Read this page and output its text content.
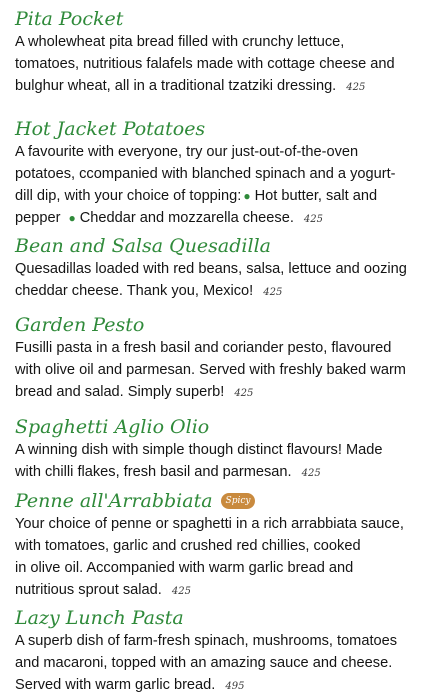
Pita Pocket
A wholewheat pita bread filled with crunchy lettuce,
tomatoes, nutritious falafels made with cottage cheese and
bulghur wheat, all in a traditional tzatziki dressing. 425
Hot Jacket Potatoes
A favourite with everyone, try our just-out-of-the-oven
potatoes, ccompanied with blanched spinach and a yogurt-
dill dip, with your choice of topping: ● Hot butter, salt and
pepper ● Cheddar and mozzarella cheese. 425
Bean and Salsa Quesadilla
Quesadillas loaded with red beans, salsa, lettuce and oozing
cheddar cheese. Thank you, Mexico! 425
Garden Pesto
Fusilli pasta in a fresh basil and coriander pesto, flavoured
with olive oil and parmesan. Served with freshly baked warm
bread and salad. Simply superb! 425
Spaghetti Aglio Olio
A winning dish with simple though distinct flavours! Made
with chilli flakes, fresh basil and parmesan. 425
Penne all'Arrabbiata	Spicy
Your choice of penne or spaghetti in a rich arrabbiata sauce,
with tomatoes, garlic and crushed red chillies, cooked
in olive oil. Accompanied with warm garlic bread and
nutritious sprout salad. 425
Lazy Lunch Pasta
A superb dish of farm-fresh spinach, mushrooms, tomatoes
and macaroni, topped with an amazing sauce and cheese.
Served with warm garlic bread. 495
